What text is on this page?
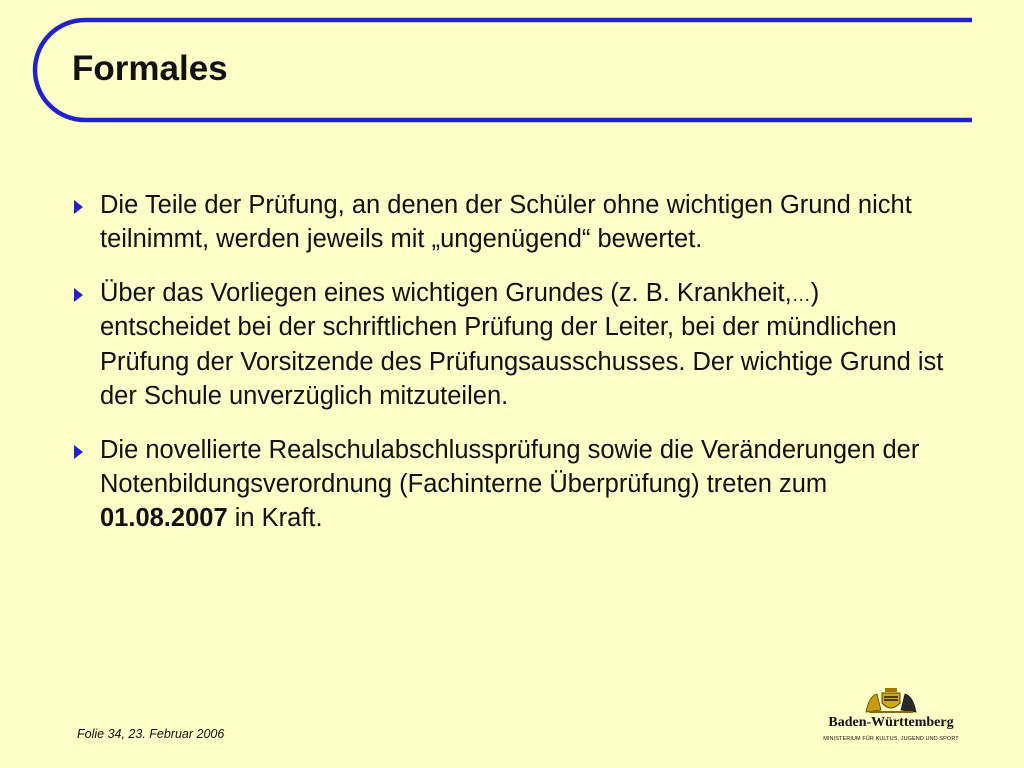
Formales
Die Teile der Prüfung, an denen der Schüler ohne wichtigen Grund nicht teilnimmt, werden jeweils mit „ungenügend“ bewertet.
Über das Vorliegen eines wichtigen Grundes (z. B. Krankheit,…) entscheidet bei der schriftlichen Prüfung der Leiter, bei der mündlichen Prüfung der Vorsitzende des Prüfungsausschusses. Der wichtige Grund ist der Schule unverzüglich mitzuteilen.
Die novellierte Realschulabschlussprüfung sowie die Veränderungen der Notenbildungsverordnung (Fachinterne Überprüfung) treten zum 01.08.2007 in Kraft.
Folie 34, 23. Februar 2006
Baden-Württemberg
MINISTERIUM FÜR KULTUS, JUGEND UND SPORT
